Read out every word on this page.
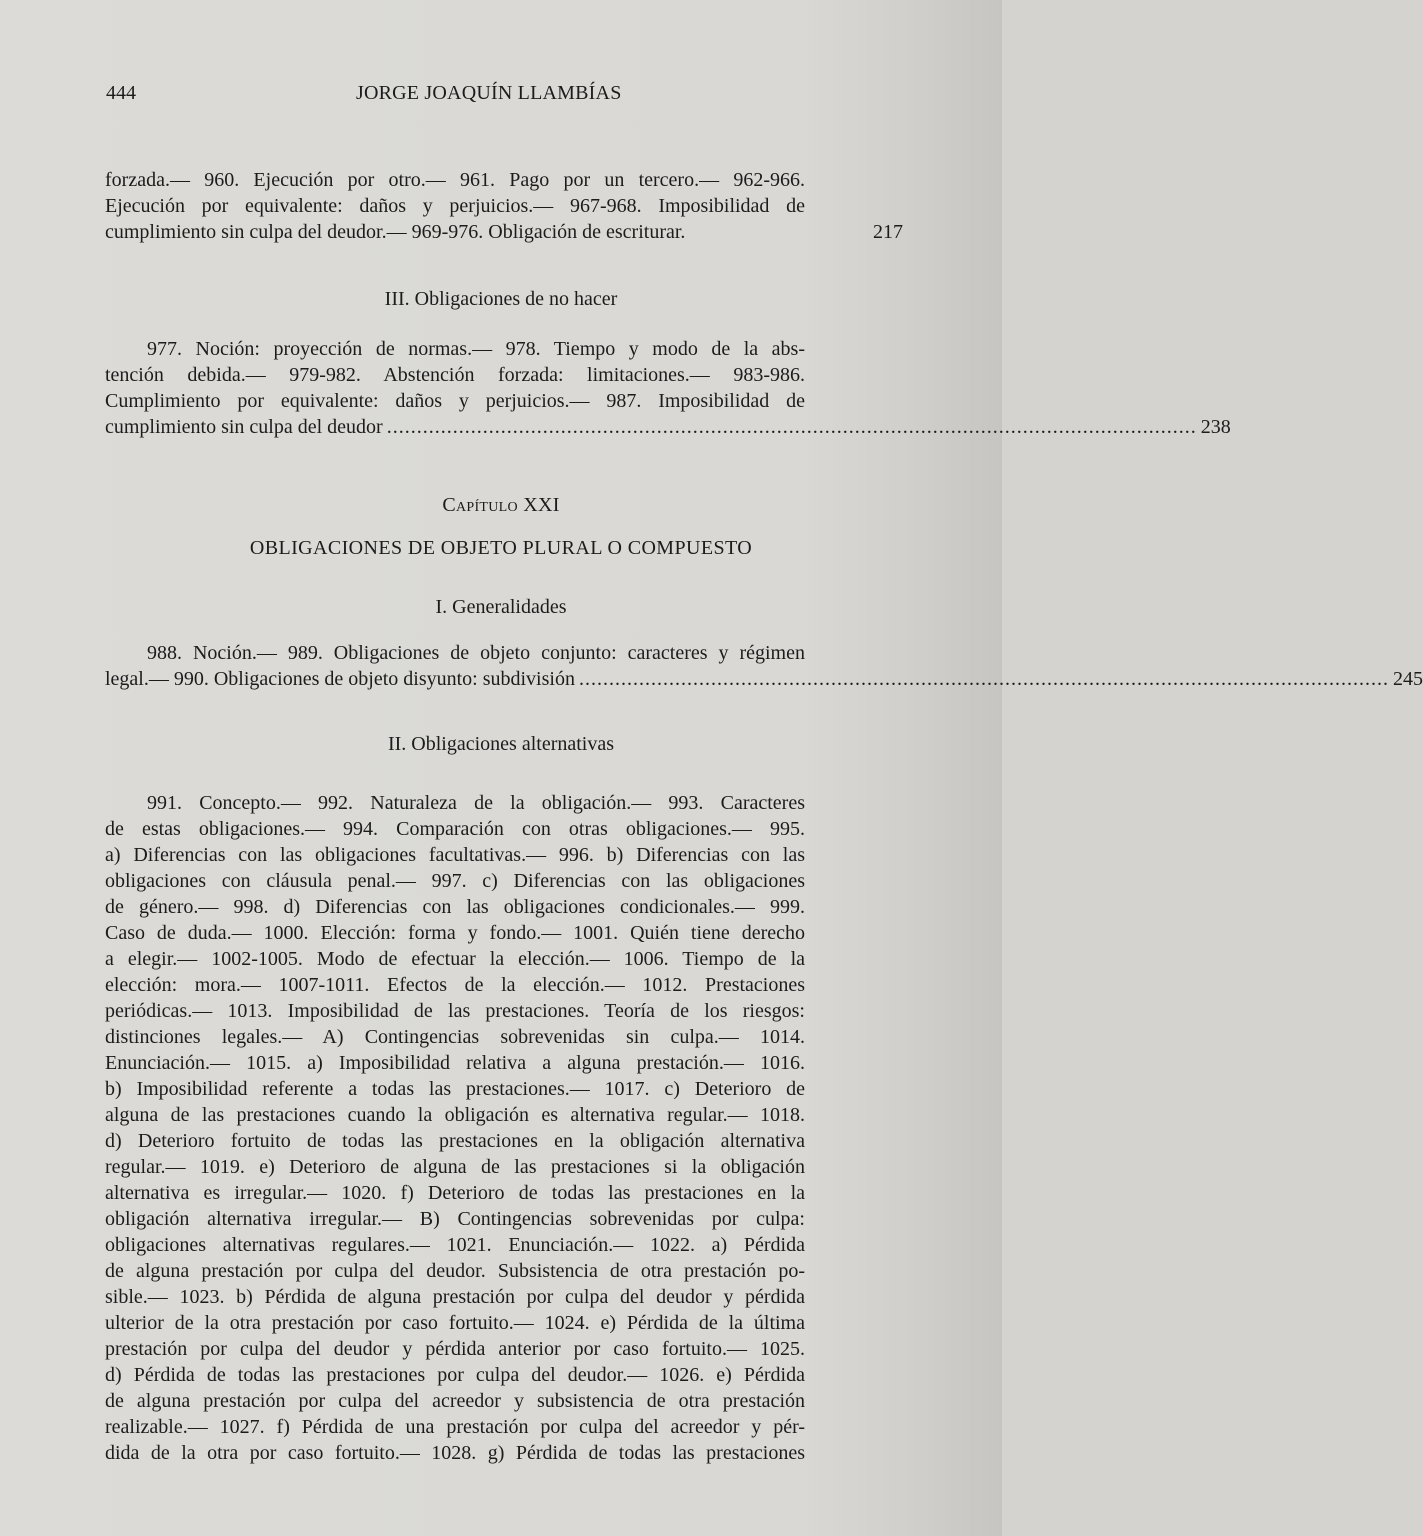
444	JORGE JOAQUÍN LLAMBÍAS
forzada.— 960. Ejecución por otro.— 961. Pago por un tercero.— 962-966.
Ejecución por equivalente: daños y perjuicios.— 967-968. Imposibilidad de
cumplimiento sin culpa del deudor.— 969-976. Obligación de escriturar.	217
III. Obligaciones de no hacer
977. Noción: proyección de normas.— 978. Tiempo y modo de la abs-
tención debida.— 979-982. Abstención forzada: limitaciones.— 983-986.
Cumplimiento por equivalente: daños y perjuicios.— 987. Imposibilidad de
cumplimiento sin culpa del deudor ....................................................................................................................................... 238
Capítulo XXI
OBLIGACIONES DE OBJETO PLURAL O COMPUESTO
I. Generalidades
988. Noción.— 989. Obligaciones de objeto conjunto: caracteres y régimen
legal.— 990. Obligaciones de objeto disyunto: subdivisión ....................................................................................................................................... 245
II. Obligaciones alternativas
991. Concepto.— 992. Naturaleza de la obligación.— 993. Caracteres
de estas obligaciones.— 994. Comparación con otras obligaciones.— 995.
a) Diferencias con las obligaciones facultativas.— 996. b) Diferencias con las
obligaciones con cláusula penal.— 997. c) Diferencias con las obligaciones
de género.— 998. d) Diferencias con las obligaciones condicionales.— 999.
Caso de duda.— 1000. Elección: forma y fondo.— 1001. Quién tiene derecho
a elegir.— 1002-1005. Modo de efectuar la elección.— 1006. Tiempo de la
elección: mora.— 1007-1011. Efectos de la elección.— 1012. Prestaciones
periódicas.— 1013. Imposibilidad de las prestaciones. Teoría de los riesgos:
distinciones legales.— A) Contingencias sobrevenidas sin culpa.— 1014.
Enunciación.— 1015. a) Imposibilidad relativa a alguna prestación.— 1016.
b) Imposibilidad referente a todas las prestaciones.— 1017. c) Deterioro de
alguna de las prestaciones cuando la obligación es alternativa regular.— 1018.
d) Deterioro fortuito de todas las prestaciones en la obligación alternativa
regular.— 1019. e) Deterioro de alguna de las prestaciones si la obligación
alternativa es irregular.— 1020. f) Deterioro de todas las prestaciones en la
obligación alternativa irregular.— B) Contingencias sobrevenidas por culpa:
obligaciones alternativas regulares.— 1021. Enunciación.— 1022. a) Pérdida
de alguna prestación por culpa del deudor. Subsistencia de otra prestación po-
sible.— 1023. b) Pérdida de alguna prestación por culpa del deudor y pérdida
ulterior de la otra prestación por caso fortuito.— 1024. e) Pérdida de la última
prestación por culpa del deudor y pérdida anterior por caso fortuito.— 1025.
d) Pérdida de todas las prestaciones por culpa del deudor.— 1026. e) Pérdida
de alguna prestación por culpa del acreedor y subsistencia de otra prestación
realizable.— 1027. f) Pérdida de una prestación por culpa del acreedor y pér-
dida de la otra por caso fortuito.— 1028. g) Pérdida de todas las prestaciones
